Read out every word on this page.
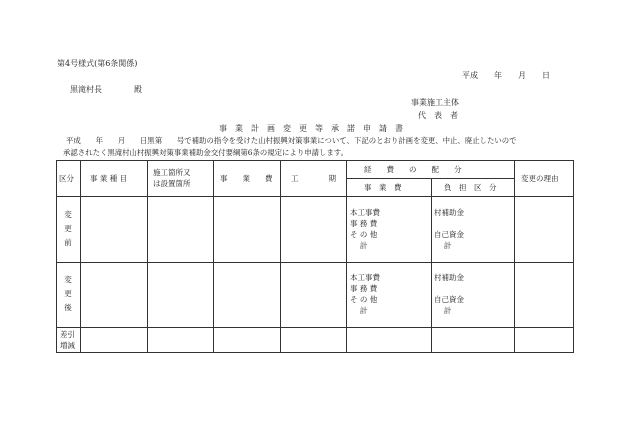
第4号様式(第6条関係)
平成　　年　　月　　日
黒滝村長　　　　殿
事業施工主体
代　表　者
事　業　計　画　変　更　等　承　諾　申　請　書
平成　　年　　月　　日黒第　　号で補助の指令を受けた山村振興対策事業について、下記のとおり計画を変更、中止、廃止したいので
承認されたく黒滝村山村振興対策事業補助金交付要綱第6条の規定により申請します。
区分 事 業 種 目
施工箇所又
は設置箇所
事　　業　　費 工　　　　期
経　　費　　の　　配　　分
事　業　費	負　担　区　分
変更の理由
変
更
前
本工事費
事 務 費
そ の 他
　 計
村補助金

自己資金
　 計
変
更
後
本工事費
事 務 費
そ の 他
　 計
村補助金

自己資金
　 計
差引
増減
